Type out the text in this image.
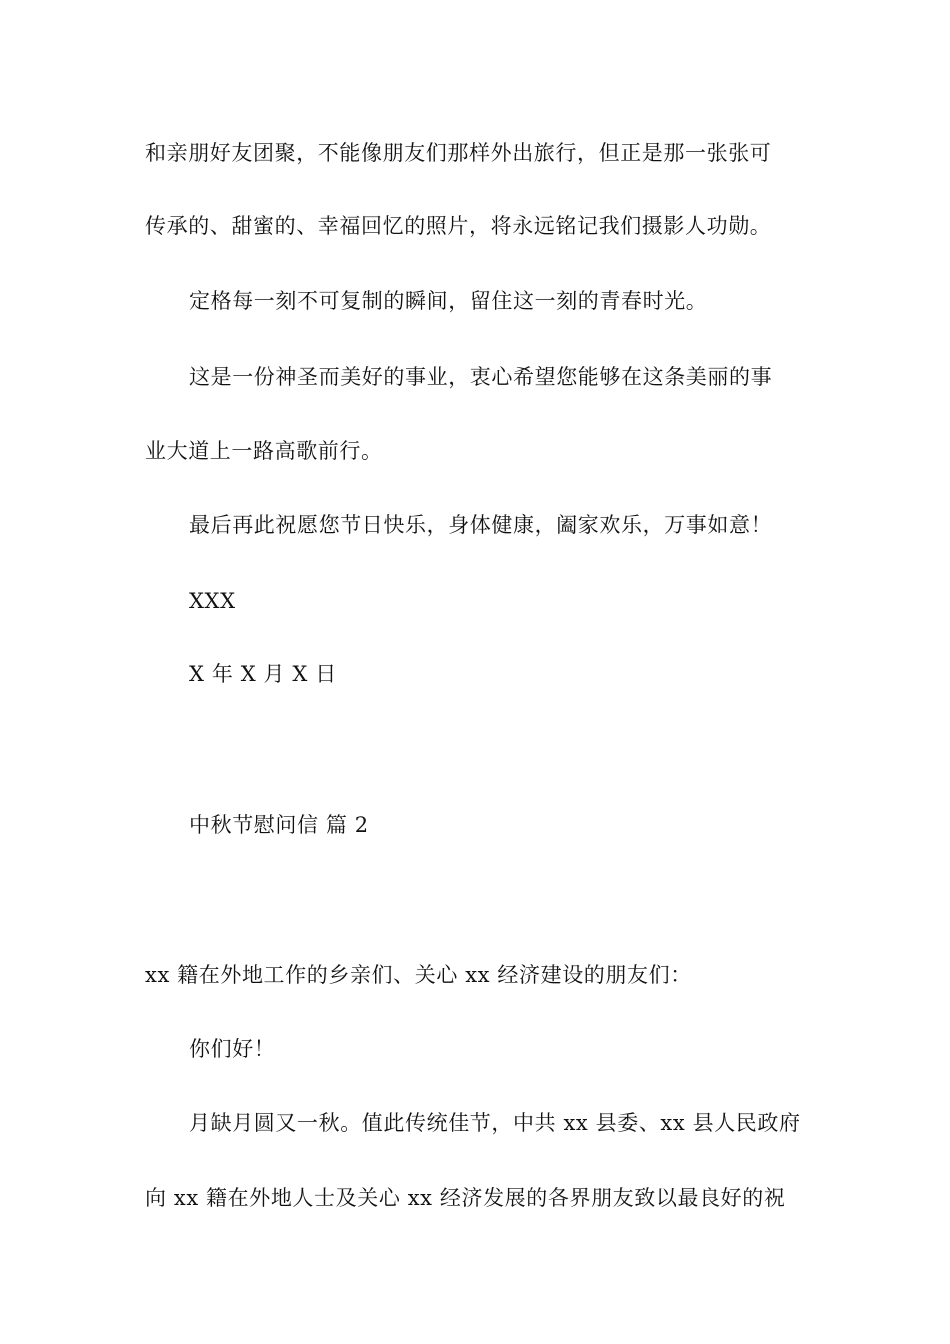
和亲朋好友团聚，不能像朋友们那样外出旅行，但正是那一张张可
传承的、甜蜜的、幸福回忆的照片，将永远铭记我们摄影人功勋。
定格每一刻不可复制的瞬间，留住这一刻的青春时光。
这是一份神圣而美好的事业，衷心希望您能够在这条美丽的事
业大道上一路高歌前行。
最后再此祝愿您节日快乐，身体健康，阖家欢乐，万事如意！
XXX
X 年 X 月 X 日
中秋节慰问信 篇 2
xx 籍在外地工作的乡亲们、关心 xx 经济建设的朋友们：
你们好！
月缺月圆又一秋。值此传统佳节，中共 xx 县委、xx 县人民政府
向 xx 籍在外地人士及关心 xx 经济发展的各界朋友致以最良好的祝
